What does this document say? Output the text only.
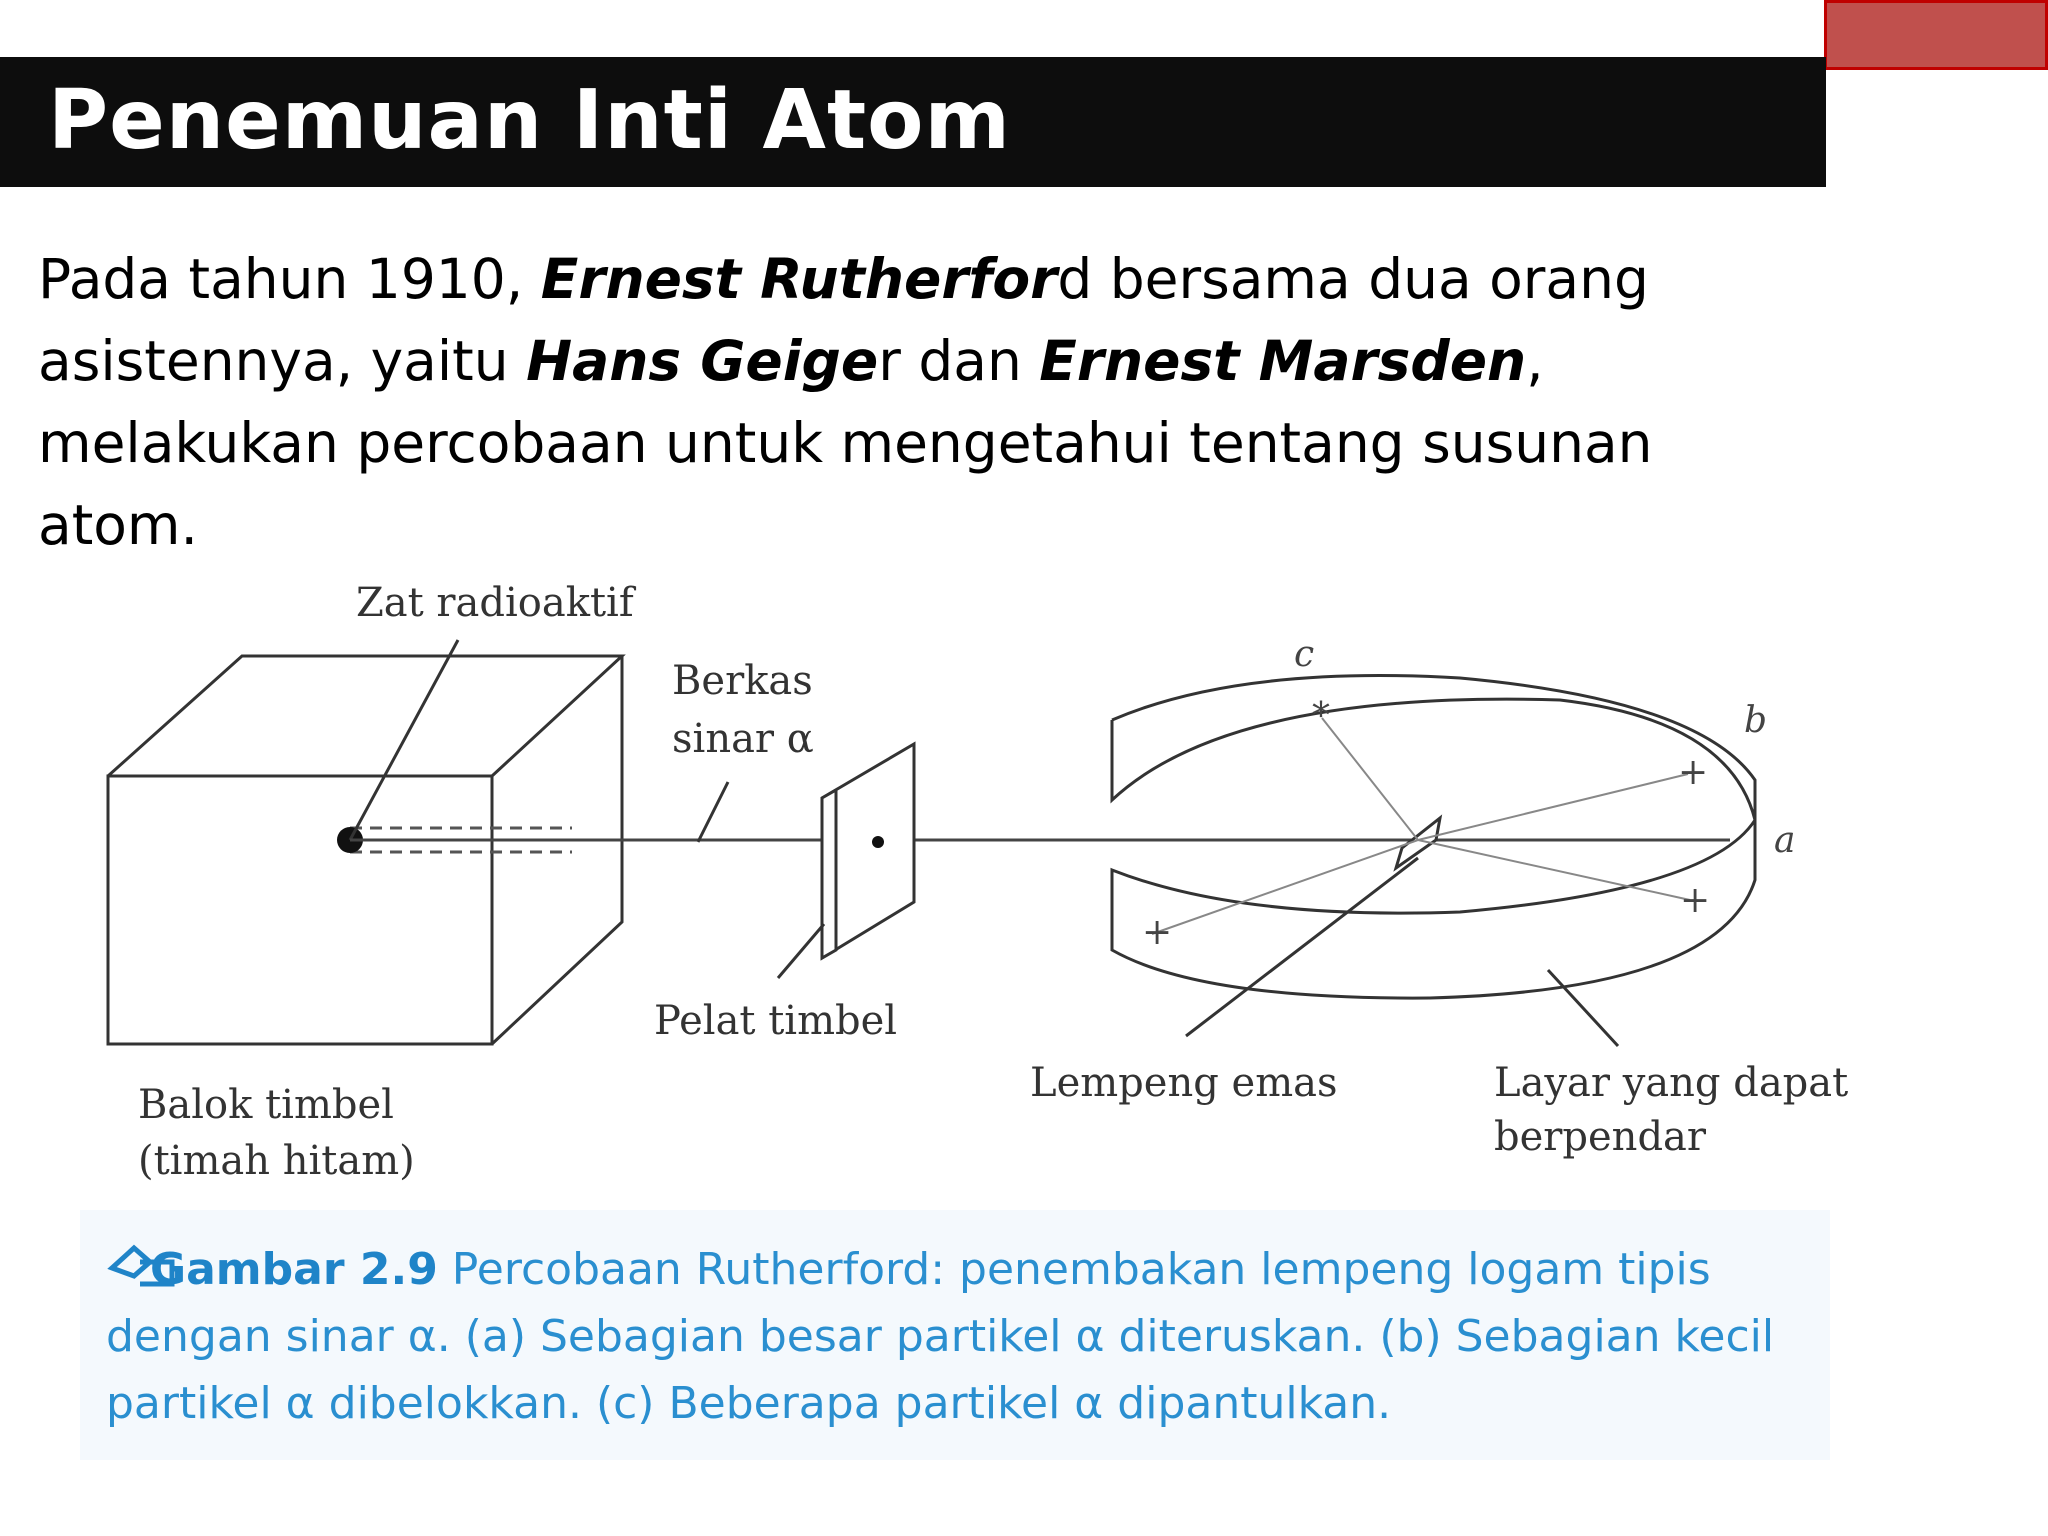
Penemuan Inti Atom

Pada tahun 1910, Ernest Rutherford bersama dua orang asistennya, yaitu Hans Geiger dan Ernest Marsden, melakukan percobaan untuk mengetahui tentang susunan atom.

+
+
*
+
Zat radioaktif
Berkas
sinar α
Pelat timbel
Lempeng emas	Layar yang dapat
berpendar
Balok timbel
(timah hitam)
a
b
c

Gambar 2.9 Percobaan Rutherford: penembakan lempeng logam tipis dengan sinar α. (a) Sebagian besar partikel α diteruskan. (b) Sebagian kecil partikel α dibelokkan. (c) Beberapa partikel α dipantulkan.
